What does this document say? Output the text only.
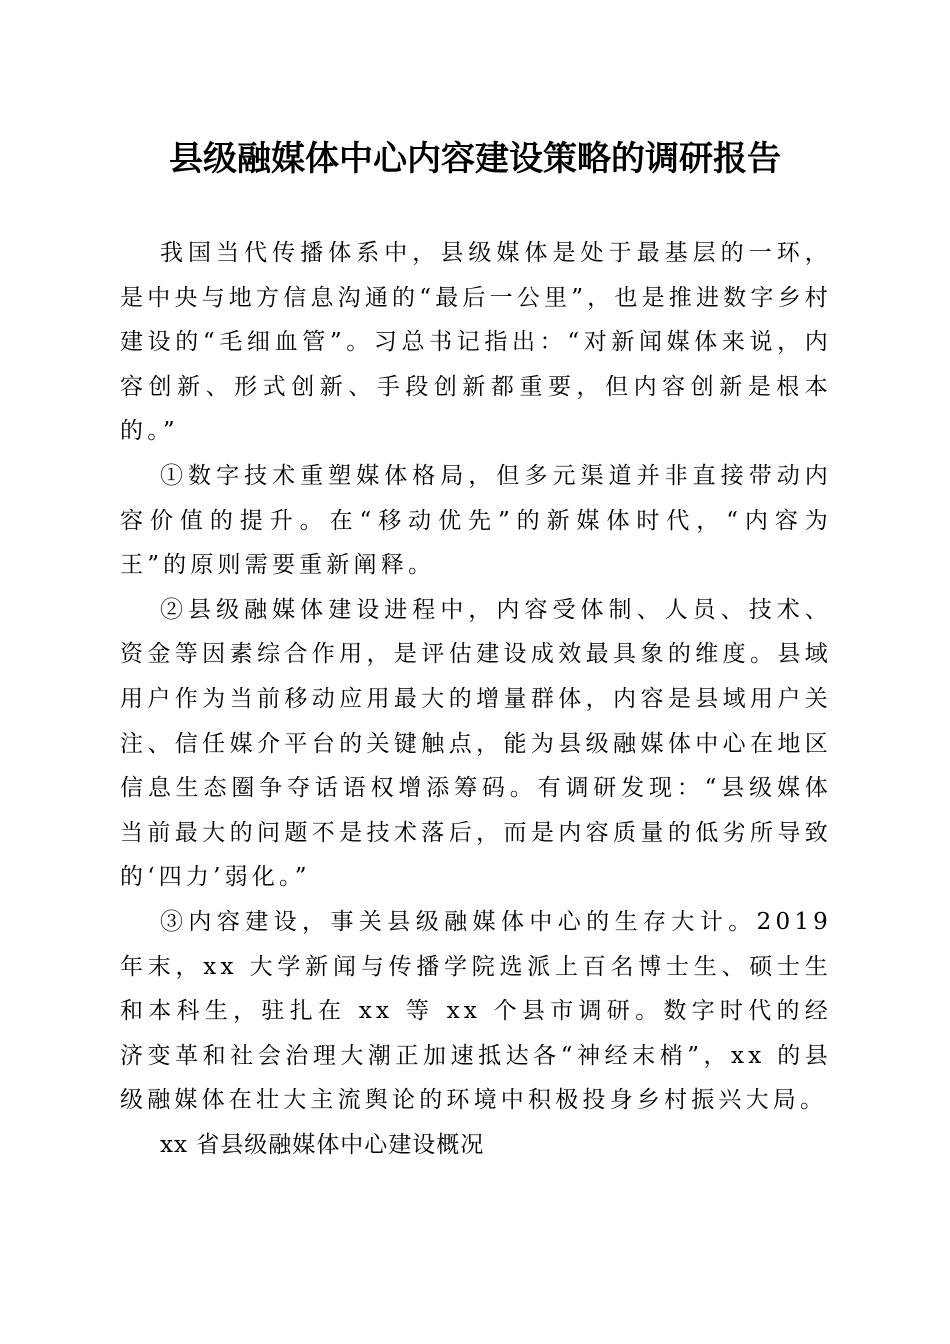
县级融媒体中心内容建设策略的调研报告

我国当代传播体系中，县级媒体是处于最基层的一环，是中央与地方信息沟通的“最后一公里”，也是推进数字乡村建设的“毛细血管”。习总书记指出：“对新闻媒体来说，内容创新、形式创新、手段创新都重要，但内容创新是根本的。”

①数字技术重塑媒体格局，但多元渠道并非直接带动内容价值的提升。在“移动优先”的新媒体时代，“内容为王”的原则需要重新阐释。

②县级融媒体建设进程中，内容受体制、人员、技术、资金等因素综合作用，是评估建设成效最具象的维度。县域用户作为当前移动应用最大的增量群体，内容是县域用户关注、信任媒介平台的关键触点，能为县级融媒体中心在地区信息生态圈争夺话语权增添筹码。有调研发现：“县级媒体当前最大的问题不是技术落后，而是内容质量的低劣所导致的‘四力’弱化。”

③内容建设，事关县级融媒体中心的生存大计。2019 年末，xx 大学新闻与传播学院选派上百名博士生、硕士生和本科生，驻扎在 xx 等 xx 个县市调研。数字时代的经济变革和社会治理大潮正加速抵达各“神经末梢”，xx 的县级融媒体在壮大主流舆论的环境中积极投身乡村振兴大局。

xx 省县级融媒体中心建设概况
